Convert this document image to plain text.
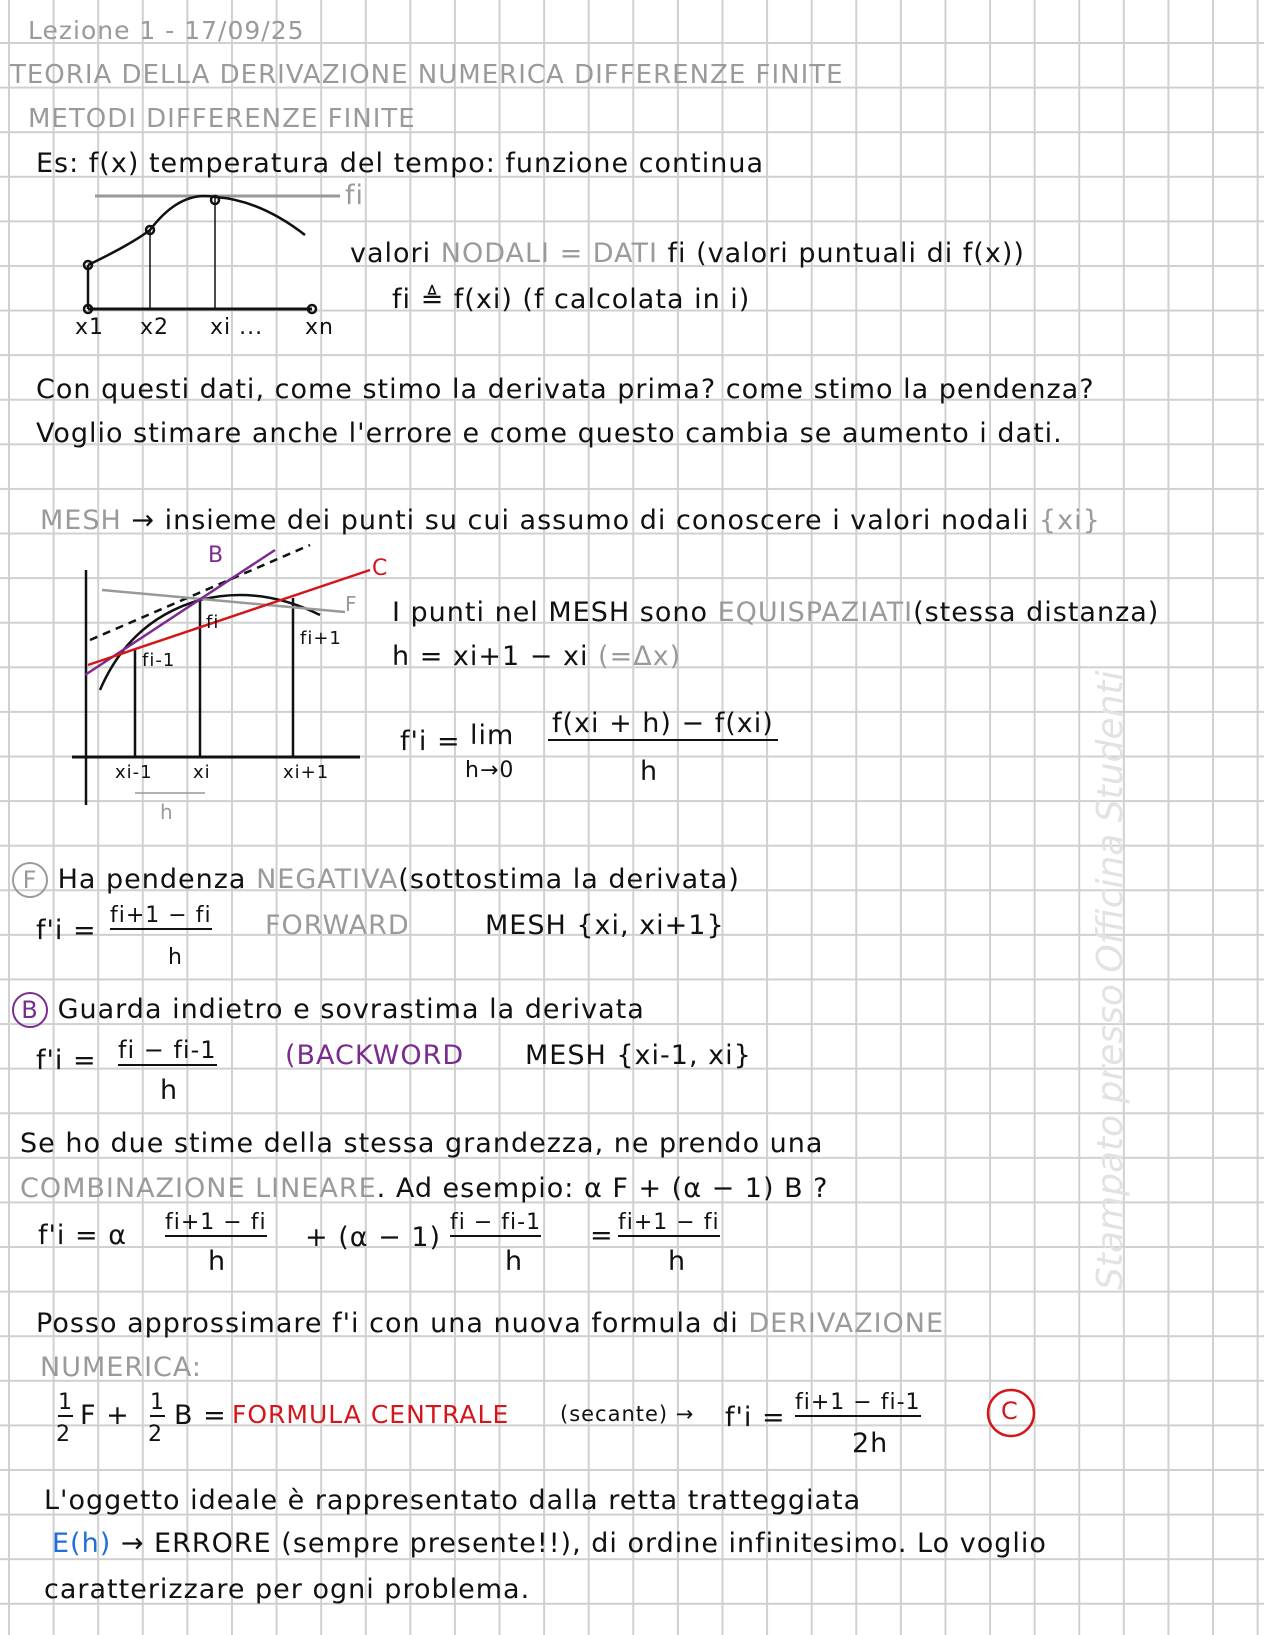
Stampato presso Officina Studenti
Lezione 1 - 17/09/25
TEORIA DELLA DERIVAZIONE NUMERICA DIFFERENZE FINITE
METODI DIFFERENZE FINITE
Es: f(x) temperatura del tempo: funzione continua
fi
x1 x2 xi ... xn
valori NODALI = DATI fi (valori puntuali di f(x))
fi ≜ f(xi) (f calcolata in i)
Con questi dati, come stimo la derivata prima? come stimo la pendenza?
Voglio stimare anche l'errore e come questo cambia se aumento i dati.
MESH → insieme dei punti su cui assumo di conoscere i valori nodali {xi}
B
C
F
fi-1
fi
fi+1
xi-1 xi	xi+1
h
I punti nel MESH sono EQUISPAZIATI(stessa distanza)
h = xi+1 − xi (=Δx)
f'i = lim
h→0
f(xi + h) − f(xi)
h
F Ha pendenza NEGATIVA(sottostima la derivata)
f'i = fi+1 − fi
h
FORWARD	MESH {xi, xi+1}
B Guarda indietro e sovrastima la derivata
f'i = fi − fi-1
h
(BACKWORD MESH {xi-1, xi}
Se ho due stime della stessa grandezza, ne prendo una
COMBINAZIONE LINEARE. Ad esempio: α F + (α − 1) B ?
f'i = α fi+1 − fi
h
+ (α − 1) fi − fi-1
h
= fi+1 − fi
h
Posso approssimare f'i con una nuova formula di DERIVAZIONE
NUMERICA:
1
2
F + 1
2
B = FORMULA CENTRALE (secante) → f'i = fi+1 − fi-1
2h
C
L'oggetto ideale è rappresentato dalla retta tratteggiata
E(h) → ERRORE (sempre presente!!), di ordine infinitesimo. Lo voglio
caratterizzare per ogni problema.
